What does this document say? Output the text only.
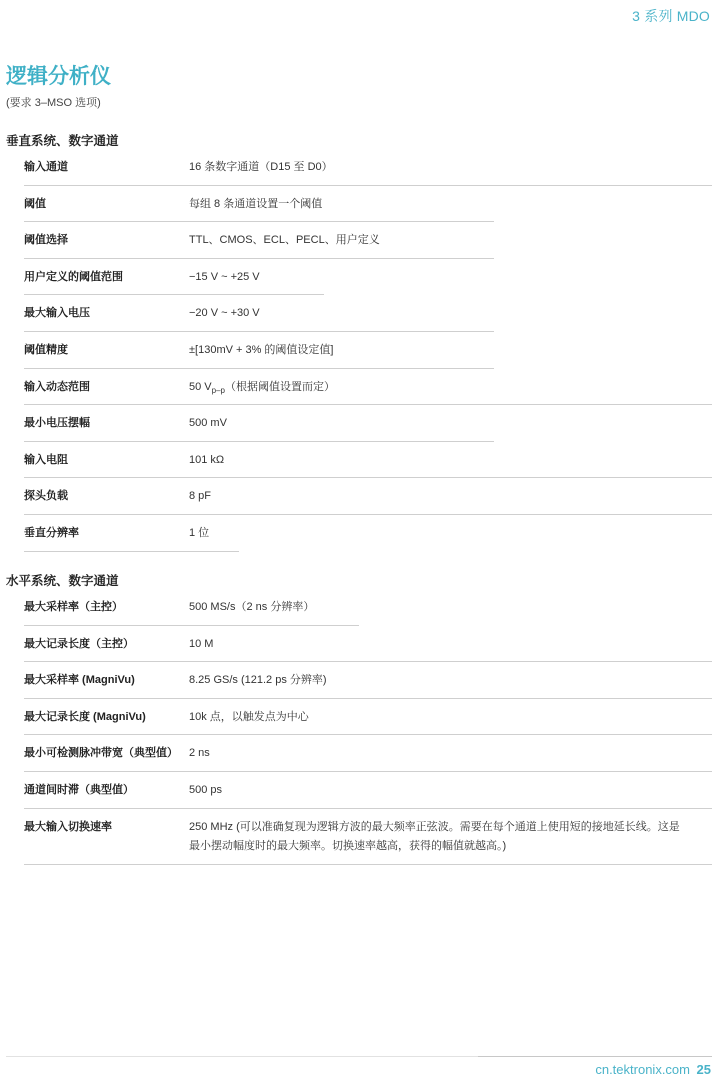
3 系列 MDO
逻辑分析仪
(要求 3–MSO 选项)
垂直系统、数字通道
输入通道	16 条数字通道（D15 至 D0）
阈值	每组 8 条通道设置一个阈值
阈值选择	TTL、CMOS、ECL、PECL、用户定义
用户定义的阈值范围	−15 V ~ +25 V
最大输入电压	−20 V ~ +30 V
阈值精度	±[130mV + 3% 的阈值设定值]
输入动态范围	50 $V_{p-p}$（根据阈值设置而定）
最小电压摆幅	500 mV
输入电阻	101 kΩ
探头负载	8 pF
垂直分辨率	1 位
水平系统、数字通道
最大采样率（主控）	500 MS/s（2 ns 分辨率）
最大记录长度（主控）	10 M
最大采样率 (MagniVu)	8.25 GS/s (121.2 ps 分辨率)
最大记录长度 (MagniVu)	10k 点，以触发点为中心
最小可检测脉冲带宽（典型值）	2 ns
通道间时滞（典型值）	500 ps
最大输入切换速率	250 MHz (可以准确复现为逻辑方波的最大频率正弦波。需要在每个通道上使用短的接地延长线。这是
最小摆动幅度时的最大频率。切换速率越高，获得的幅值就越高。)
cn.tektronix.com 25
